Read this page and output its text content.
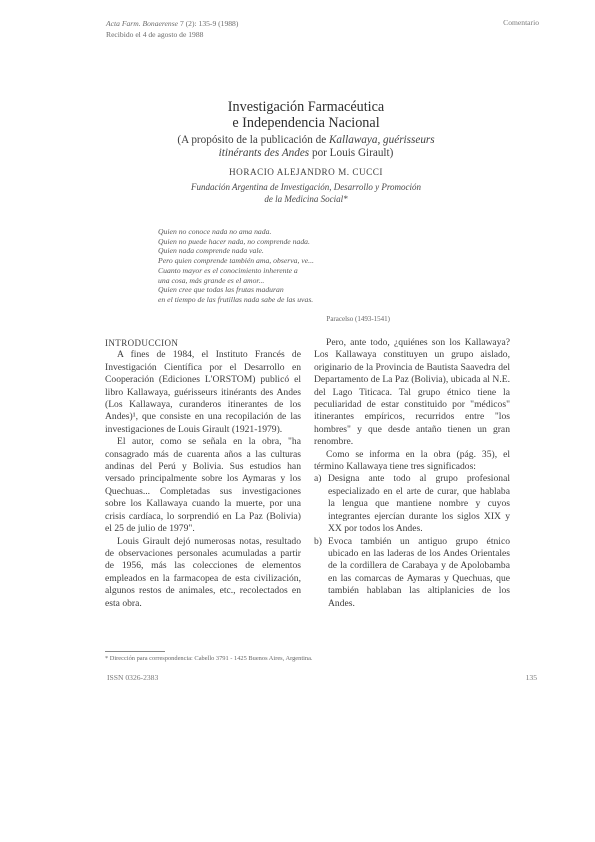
Acta Farm. Bonaerense 7 (2): 135-9 (1988)
Recibido el 4 de agosto de 1988
Comentario
Investigación Farmacéutica
e Independencia Nacional
(A propósito de la publicación de Kallawaya, guérisseurs
itinérants des Andes por Louis Girault)
HORACIO ALEJANDRO M. CUCCI
Fundación Argentina de Investigación, Desarrollo y Promoción
de la Medicina Social*
Quien no conoce nada no ama nada.
Quien no puede hacer nada, no comprende nada.
Quien nada comprende nada vale.
Pero quien comprende también ama, observa, ve...
Cuanto mayor es el conocimiento inherente a
una cosa, más grande es el amor...
Quien cree que todas las frutas maduran
en el tiempo de las frutillas nada sabe de las uvas.
Paracelso (1493-1541)
INTRODUCCION

A fines de 1984, el Instituto Francés de Investigación Científica por el Desarrollo en Cooperación (Ediciones L'ORSTOM) publicó el libro Kallawaya, guérisseurs itinérants des Andes (Los Kallawaya, curanderos itinerantes de los Andes)¹, que consiste en una recopilación de las investigaciones de Louis Girault (1921-1979).

El autor, como se señala en la obra, "ha consagrado más de cuarenta años a las culturas andinas del Perú y Bolivia. Sus estudios han versado principalmente sobre los Aymaras y los Quechuas... Completadas sus investigaciones sobre los Kallawaya cuando la muerte, por una crisis cardíaca, lo sorprendió en La Paz (Bolivia) el 25 de julio de 1979".

Louis Girault dejó numerosas notas, resultado de observaciones personales acumuladas a partir de 1956, más las colecciones de elementos empleados en la farmacopea de esta civilización, algunos restos de animales, etc., recolectados en esta obra.

Pero, ante todo, ¿quiénes son los Kallawaya? Los Kallawaya constituyen un grupo aislado, originario de la Provincia de Bautista Saavedra del Departamento de La Paz (Bolivia), ubicada al N.E. del Lago Titicaca. Tal grupo étnico tiene la peculiaridad de estar constituido por "médicos" itinerantes empíricos, recurridos entre "los hombres" y que desde antaño tienen un gran renombre.

Como se informa en la obra (pág. 35), el término Kallawaya tiene tres significados:

a) Designa ante todo al grupo profesional especializado en el arte de curar, que hablaba la lengua que mantiene nombre y cuyos integrantes ejercían durante los siglos XIX y XX por todos los Andes.
b) Evoca también un antiguo grupo étnico ubicado en las laderas de los Andes Orientales de la cordillera de Carabaya y de Apolobamba en las comarcas de Aymaras y Quechuas, que también hablaban las altiplanicies de los Andes.
* Dirección para correspondencia: Cabello 3791 - 1425 Buenos Aires, Argentina.
ISSN 0326-2383	135
